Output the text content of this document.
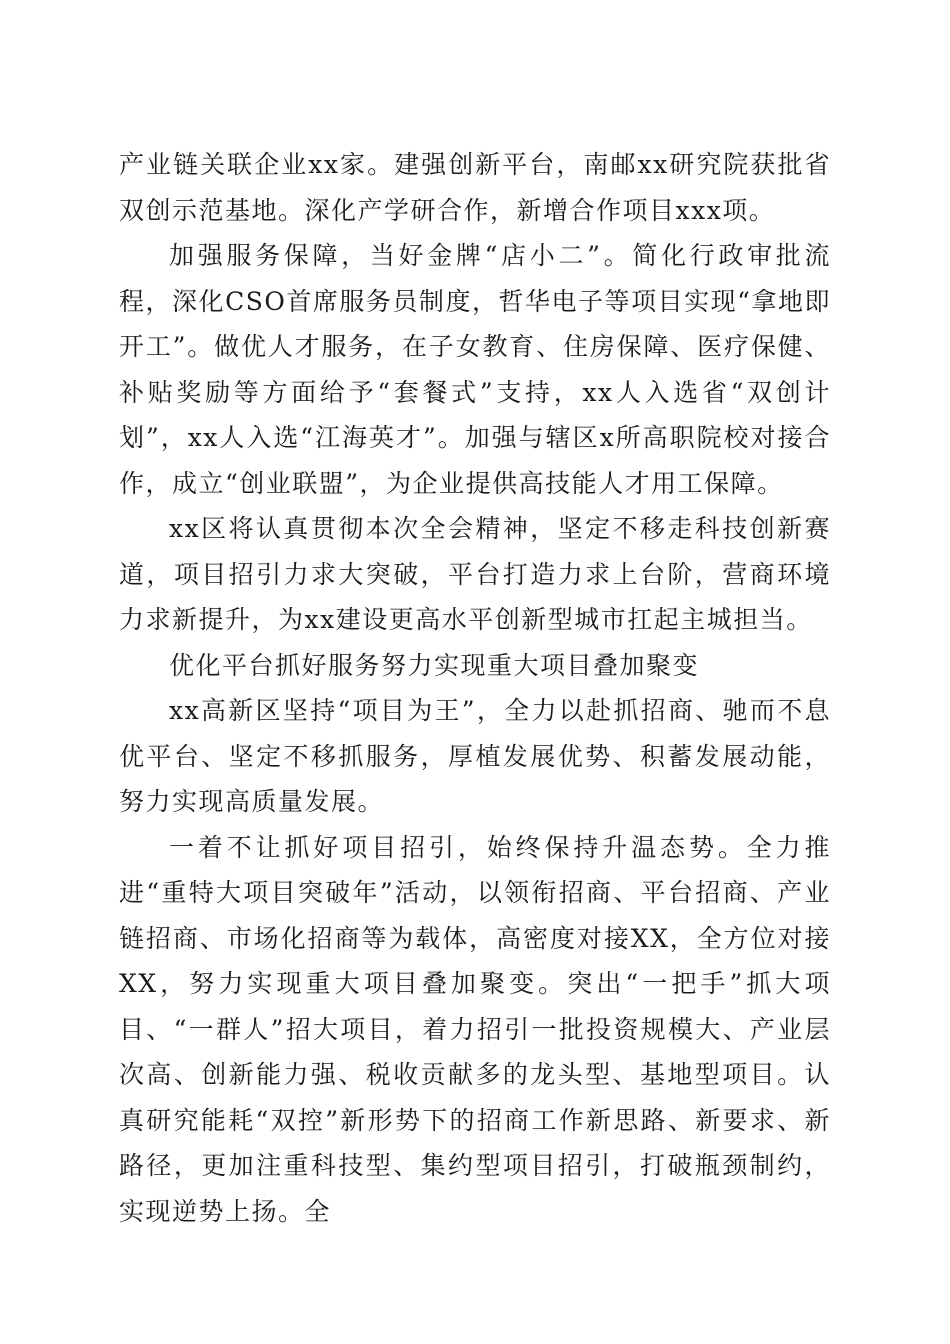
产业链关联企业xx家。建强创新平台，南邮xx研究院获批省双创示范基地。深化产学研合作，新增合作项目xxx项。

加强服务保障，当好金牌“店小二”。简化行政审批流程，深化CSO首席服务员制度，哲华电子等项目实现“拿地即开工”。做优人才服务，在子女教育、住房保障、医疗保健、补贴奖励等方面给予“套餐式”支持，xx人入选省“双创计划”，xx人入选“江海英才”。加强与辖区x所高职院校对接合作，成立“创业联盟”，为企业提供高技能人才用工保障。

xx区将认真贯彻本次全会精神，坚定不移走科技创新赛道，项目招引力求大突破，平台打造力求上台阶，营商环境力求新提升，为xx建设更高水平创新型城市扛起主城担当。

优化平台抓好服务努力实现重大项目叠加聚变

xx高新区坚持“项目为王”，全力以赴抓招商、驰而不息优平台、坚定不移抓服务，厚植发展优势、积蓄发展动能，努力实现高质量发展。

一着不让抓好项目招引，始终保持升温态势。全力推进“重特大项目突破年”活动，以领衔招商、平台招商、产业链招商、市场化招商等为载体，高密度对接XX，全方位对接XX，努力实现重大项目叠加聚变。突出“一把手”抓大项目、“一群人”招大项目，着力招引一批投资规模大、产业层次高、创新能力强、税收贡献多的龙头型、基地型项目。认真研究能耗“双控”新形势下的招商工作新思路、新要求、新路径，更加注重科技型、集约型项目招引，打破瓶颈制约，实现逆势上扬。全
